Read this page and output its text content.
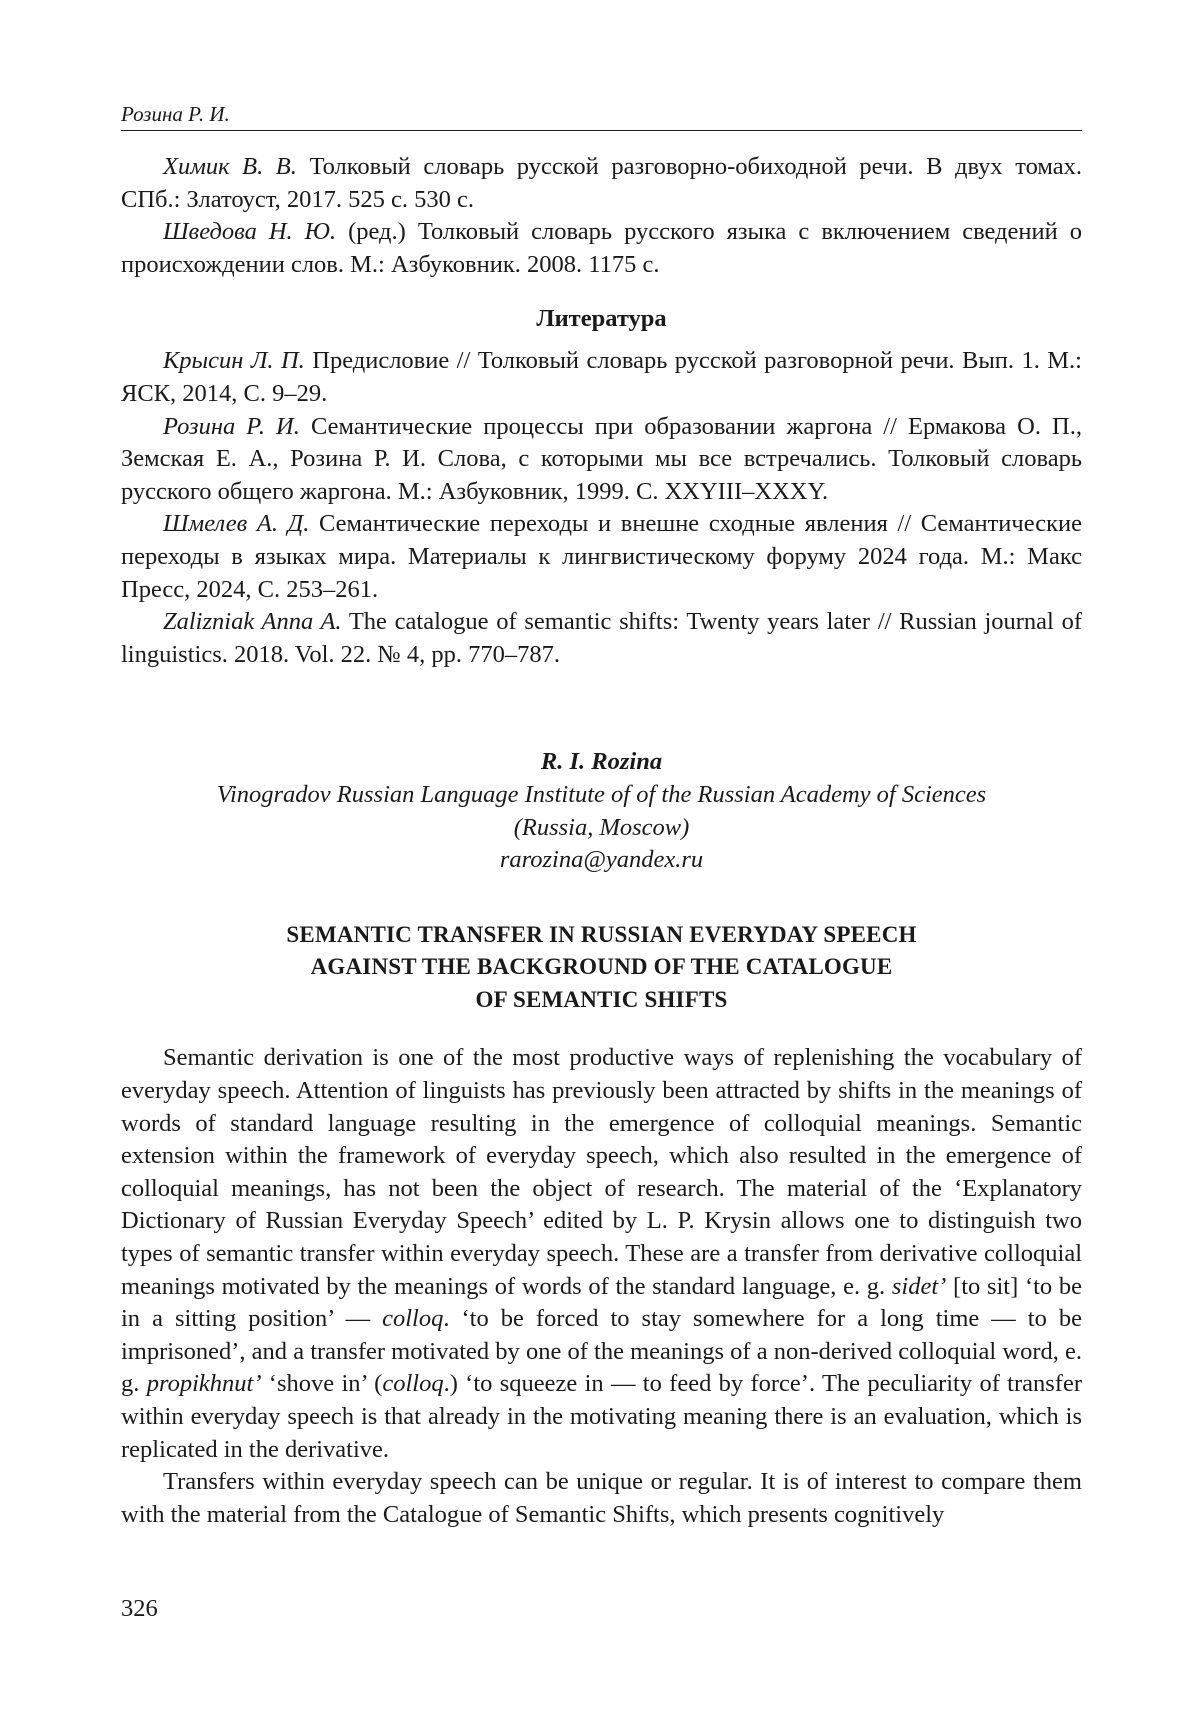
Розина Р. И.

Химик В. В. Толковый словарь русской разговорно-обиходной речи. В двух томах. СПб.: Златоуст, 2017. 525 с. 530 с.

Шведова Н. Ю. (ред.) Толковый словарь русского языка с включением сведений о происхождении слов. М.: Азбуковник. 2008. 1175 с.

Литература

Крысин Л. П. Предисловие // Толковый словарь русской разговорной речи. Вып. 1. М.: ЯСК, 2014, С. 9–29.

Розина Р. И. Семантические процессы при образовании жаргона // Ермакова О. П., Земская Е. А., Розина Р. И. Слова, с которыми мы все встречались. Толковый словарь русского общего жаргона. М.: Азбуковник, 1999. С. XXYIII–XXXY.

Шмелев А. Д. Семантические переходы и внешне сходные явления // Семантические переходы в языках мира. Материалы к лингвистическому форуму 2024 года. М.: Макс Пресс, 2024, С. 253–261.

Zalizniak Anna A. The catalogue of semantic shifts: Twenty years later // Russian journal of linguistics. 2018. Vol. 22. № 4, pp. 770–787.

R. I. Rozina
Vinogradov Russian Language Institute of of the Russian Academy of Sciences
(Russia, Moscow)
rarozina@yandex.ru
SEMANTIC TRANSFER IN RUSSIAN EVERYDAY SPEECH
AGAINST THE BACKGROUND OF THE CATALOGUE
OF SEMANTIC SHIFTS

Semantic derivation is one of the most productive ways of replenishing the vocabulary of everyday speech. Attention of linguists has previously been attracted by shifts in the meanings of words of standard language resulting in the emergence of colloquial meanings. Semantic extension within the framework of everyday speech, which also resulted in the emergence of colloquial meanings, has not been the object of research. The material of the ‘Explanatory Dictionary of Russian Everyday Speech’ edited by L. P. Krysin allows one to distinguish two types of semantic transfer within everyday speech. These are a transfer from derivative colloquial meanings motivated by the meanings of words of the standard language, e. g. sidet’ [to sit] ‘to be in a sitting position’ — colloq. ‘to be forced to stay somewhere for a long time — to be imprisoned’, and a transfer motivated by one of the meanings of a non-derived colloquial word, e. g. propikhnut’ ‘shove in’ (colloq.) ‘to squeeze in — to feed by force’. The peculiarity of transfer within everyday speech is that already in the motivating meaning there is an evaluation, which is replicated in the derivative.

Transfers within everyday speech can be unique or regular. It is of interest to compare them with the material from the Catalogue of Semantic Shifts, which presents cognitively

326
